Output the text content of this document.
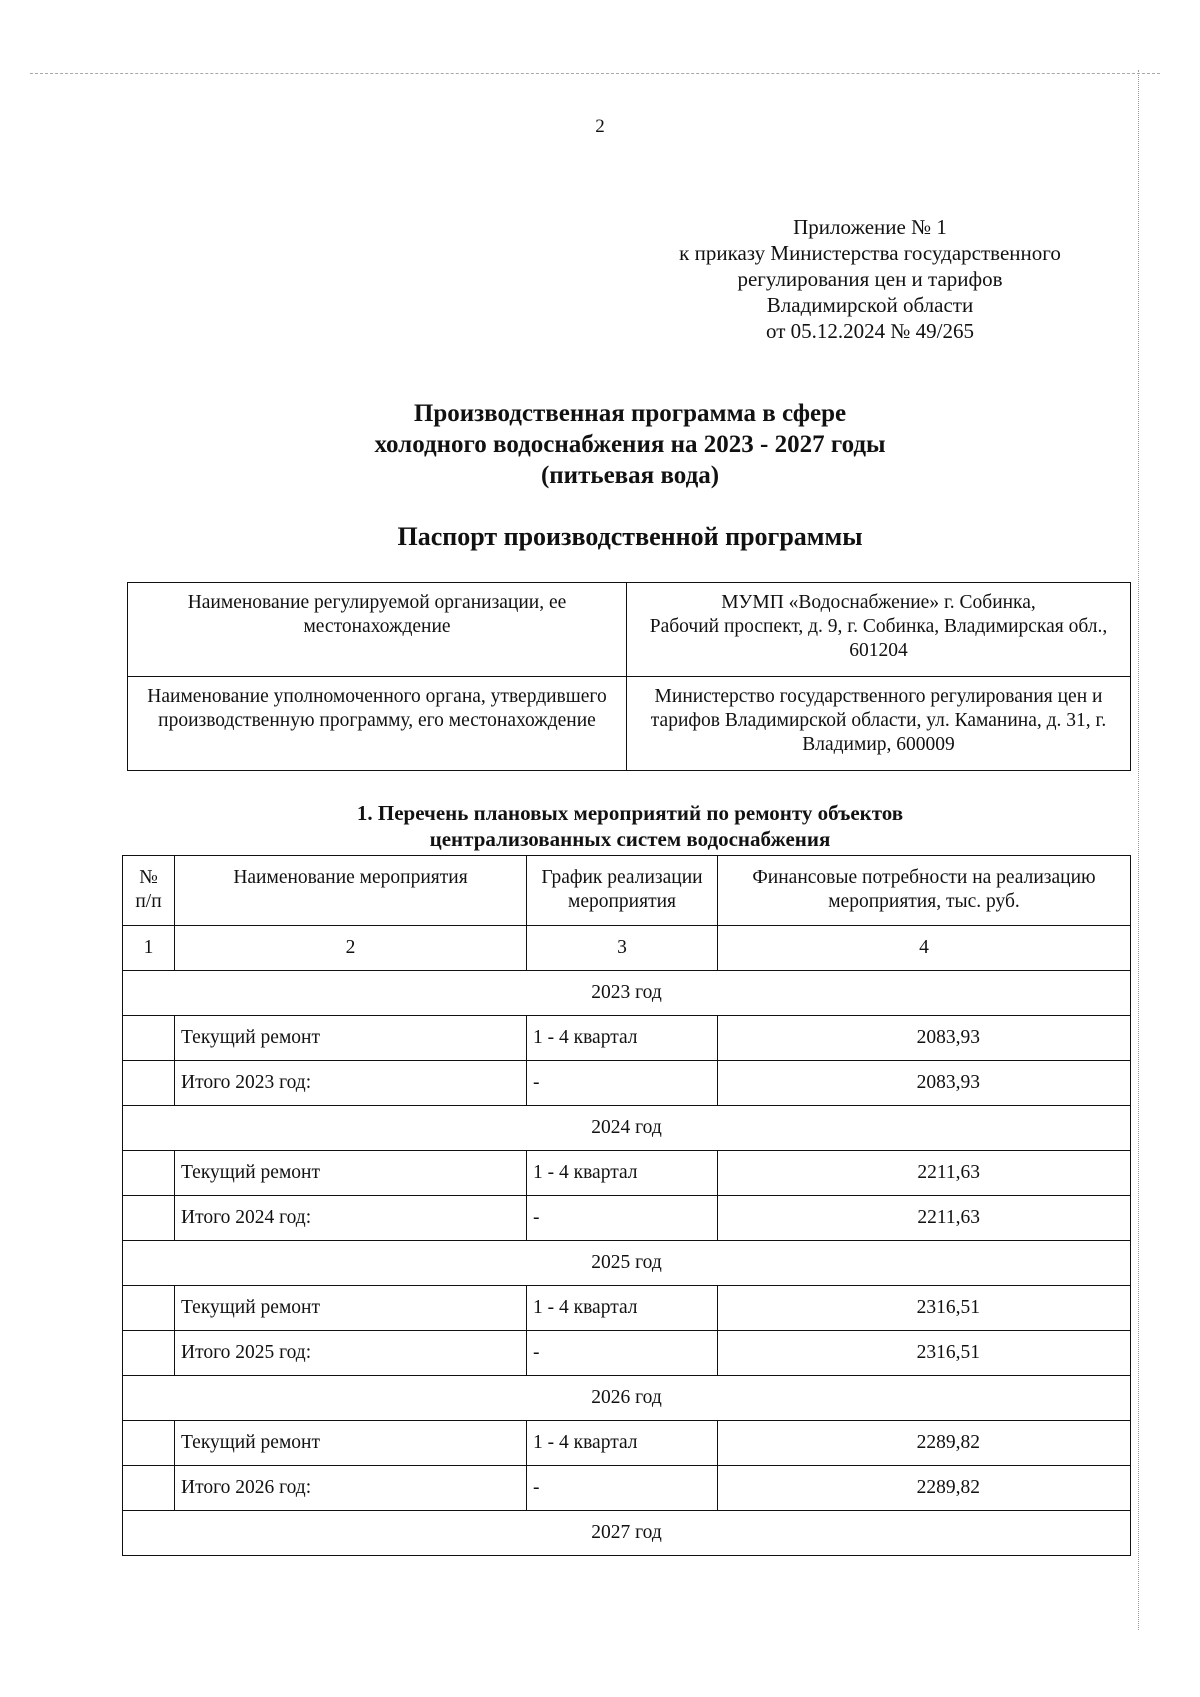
2
Приложение № 1
к приказу Министерства государственного
регулирования цен и тарифов
Владимирской области
от 05.12.2024 № 49/265
Производственная программа в сфере
холодного водоснабжения на 2023 - 2027 годы
(питьевая вода)
Паспорт производственной программы
Наименование регулируемой организации, ее местонахождение	МУМП «Водоснабжение» г. Собинка,
Рабочий проспект, д. 9, г. Собинка, Владимирская обл., 601204

Наименование уполномоченного органа, утвердившего производственную программу, его местонахождение	Министерство государственного регулирования цен и тарифов Владимирской области, ул. Каманина, д. 31, г. Владимир, 600009
1. Перечень плановых мероприятий по ремонту объектов
централизованных систем водоснабжения
№ п/п	Наименование мероприятия	График реализации мероприятия	Финансовые потребности на реализацию мероприятия, тыс. руб.
1	2	3	4
2023 год			
	Текущий ремонт	1 - 4 квартал	2083,93
	Итого 2023 год:	-	2083,93
2024 год			
	Текущий ремонт	1 - 4 квартал	2211,63
	Итого 2024 год:	-	2211,63
2025 год			
	Текущий ремонт	1 - 4 квартал	2316,51
	Итого 2025 год:	-	2316,51
2026 год			
	Текущий ремонт	1 - 4 квартал	2289,82
	Итого 2026 год:	-	2289,82
2027 год			
